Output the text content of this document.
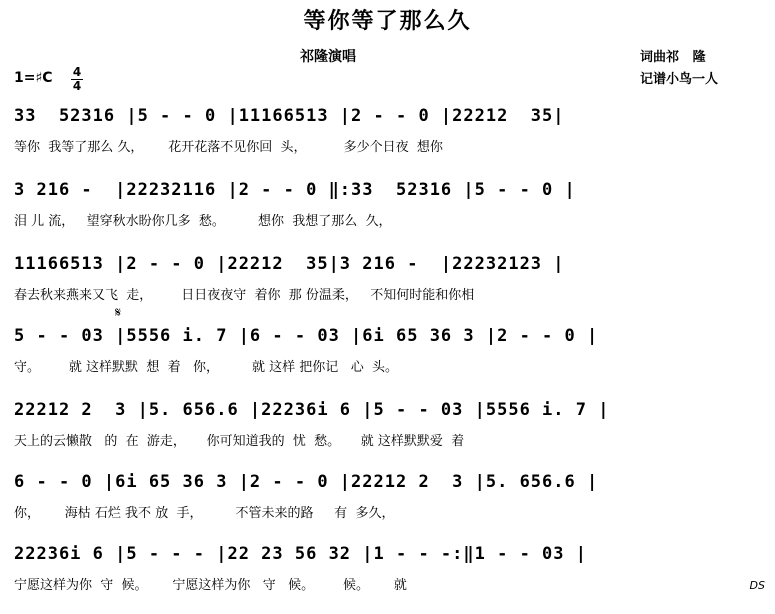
等你等了那么久
祁隆演唱	词曲祁   隆
记谱小鸟一人
1=♯C 4
4
33  52316 |5 - - 0 |11166513 |2 - - 0 |22212  35|
等你  我等了那么 久，      花开花落不见你回  头，         多少个日夜  想你
3 216 -  |22232116 |2 - - 0 ‖:33  52316 |5 - - 0 |
泪 儿 流，   望穿秋水盼你几多  愁。        想你  我想了那么  久，
11166513 |2 - - 0 |22212  35|3 216 -  |22232123 |
春去秋来燕来又飞  走，       日日夜夜守  着你  那 份温柔，   不知何时能和你相
𝄋
5 - - 03 |5556 i. 7 |6 - - 03 |6i 65 36 3 |2 - - 0 |
守。       就 这样默默  想  着   你，        就 这样 把你记   心  头。
22212 2  3 |5. 656.6 |22236i 6 |5 - - 03 |5556 i. 7 |
天上的云懒散   的  在  游走，     你可知道我的  忧  愁。     就 这样默默爱  着
6 - - 0 |6i 65 36 3 |2 - - 0 |22212 2  3 |5. 656.6 |
你，      海枯 石烂 我不 放  手，        不管未来的路     有  多久，
22236i 6 |5 - - - |22 23 56 32 |1 - - -:‖1 - - 03 |
宁愿这样为你  守  候。      宁愿这样为你   守   候。       候。      就	DS
